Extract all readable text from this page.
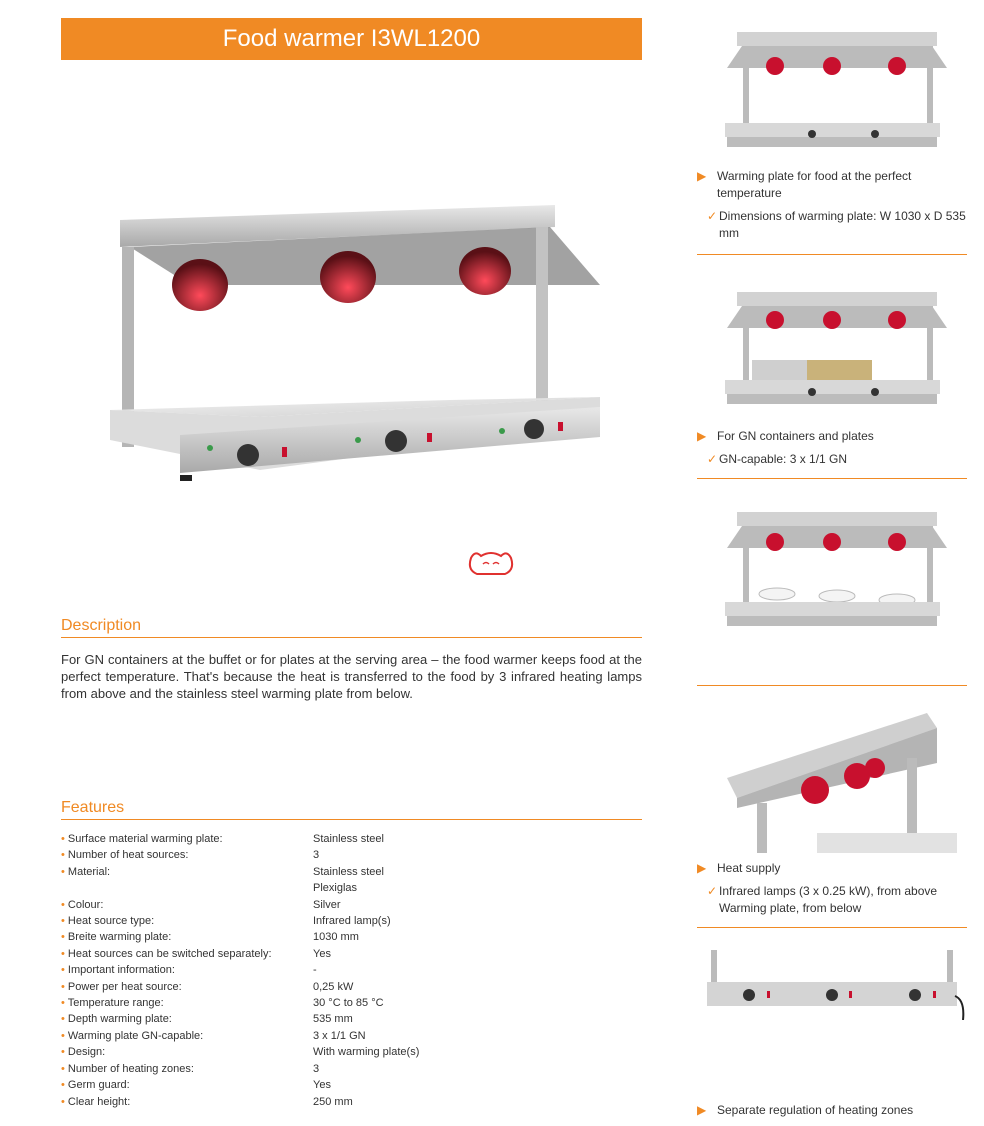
Food warmer I3WL1200
Description
For GN containers at the buffet or for plates at the serving area – the food warmer keeps food at the perfect temperature. That's because the heat is transferred to the food by 3 infrared heating lamps from above and the stainless steel warming plate from below.
Features
• Surface material warming plate:	Stainless steel
• Number of heat sources:	3
• Material:	Stainless steel
Plexiglas
• Colour:	Silver
• Heat source type:	Infrared lamp(s)
• Breite warming plate:	1030 mm
• Heat sources can be switched separately:	Yes
• Important information:	-
• Power per heat source:	0,25 kW
• Temperature range:	30 °C to 85 °C
• Depth warming plate:	535 mm
• Warming plate GN-capable:	3 x 1/1 GN
• Design:	With warming plate(s)
• Number of heating zones:	3
• Germ guard:	Yes
• Clear height:	250 mm
▶ Warming plate for food at the perfect temperature
✓ Dimensions of warming plate: W 1030 x D 535 mm
▶ For GN containers and plates
✓ GN-capable: 3 x 1/1 GN
▶ Heat supply
✓ Infrared lamps (3 x 0.25 kW), from above Warming plate, from below
▶ Separate regulation of heating zones
